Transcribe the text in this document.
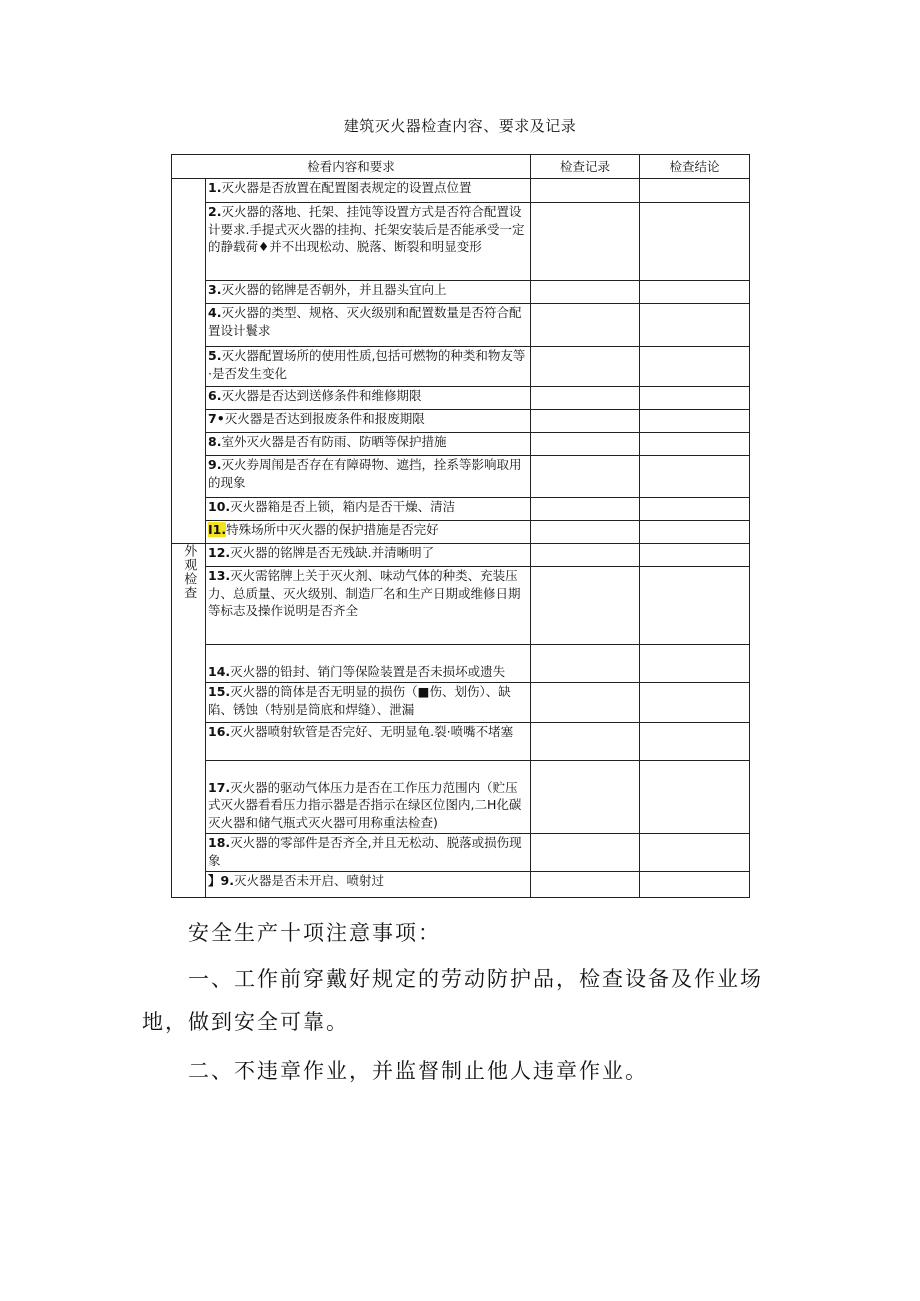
建筑灭火器检查内容、要求及记录
检看内容和要求		检查记录	检查结论
	1.灭火器是否放置在配置图表规定的设置点位置		
	2.灭火器的落地、托架、挂饨等设置方式是否符合配置设计要求.手提式灭火器的挂拘、托架安装后是否能承受一定的静载荷♦并不出现松动、脱落、断裂和明显变形		
	3.灭火器的铭牌是否朝外，并且器头宜向上		
	4.灭火器的类型、规格、灭火级别和配置数量是否符合配置设计鬟求		
	5.灭火器配置场所的使用性质,包括可燃物的种类和物友等·是否发生变化		
	6.灭火器是否达到送修条件和维修期限		
	7•灭火器是否达到报废条件和报废期限		
	8.室外灭火器是否有防雨、防晒等保护措施		
	9.灭火券周闱是否存在有障碍物、遮挡，拴系等影响取用的现象		
	10.灭火器箱是否上锁，箱内是否干燥、清洁		
	I1.特殊场所中灭火器的保护措施是否完好		
外观检查	12.灭火器的铭牌是否无残缺.并清晰明了		
	13.灭火需铭牌上关于灭火剂、味动气体的种类、充装压力、总质量、灭火级别、制造厂名和生产日期或维修日期等标志及操作说明是否齐全		
	14.灭火器的铅封、销门等保险装置是否未损坏或遗失		
	15.灭火器的筒体是否无明显的损伤（■伤、划伤）、缺陷、锈蚀（特别是筒底和焊缝）、泄漏		
	16.灭火器喷射软管是否完好、无明显龟.裂·喷嘴不堵塞		
	17.灭火器的驱动气体压力是否在工作压力范围内（贮压式灭火器看看压力指示器是否指示在绿区位图内,二H化碳灭火器和储气瓶式灭火器可用称重法检查)		
	18.灭火器的零部件是否齐全,并且无松动、脱落或损伤现象		
	】9.灭火器是否未开启、喷射过		
安全生产十项注意事项：
一、工作前穿戴好规定的劳动防护品，检查设备及作业场
地，做到安全可靠。
二、不违章作业，并监督制止他人违章作业。
